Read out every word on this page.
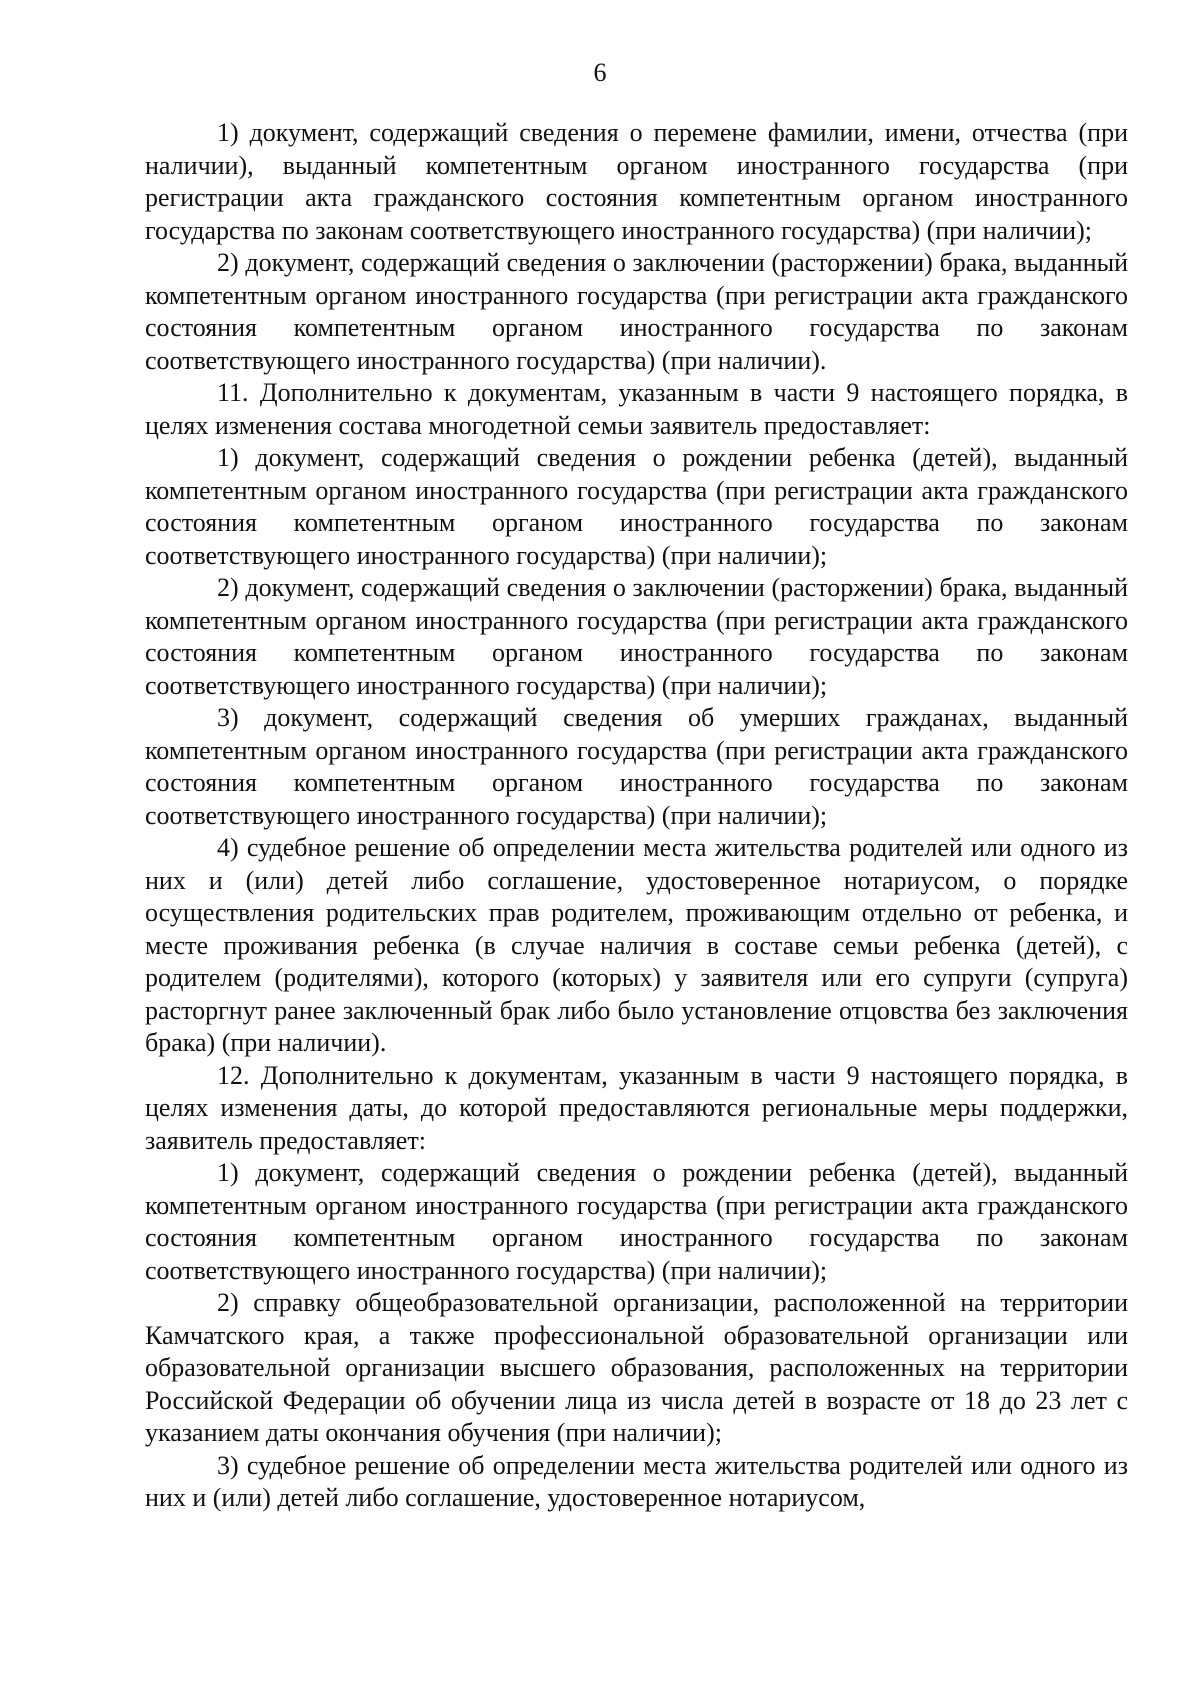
6

1) документ, содержащий сведения о перемене фамилии, имени, отчества (при наличии), выданный компетентным органом иностранного государства (при регистрации акта гражданского состояния компетентным органом иностранного государства по законам соответствующего иностранного государства) (при наличии);

2) документ, содержащий сведения о заключении (расторжении) брака, выданный компетентным органом иностранного государства (при регистрации акта гражданского состояния компетентным органом иностранного государства по законам соответствующего иностранного государства) (при наличии).

11. Дополнительно к документам, указанным в части 9 настоящего порядка, в целях изменения состава многодетной семьи заявитель предоставляет:

1) документ, содержащий сведения о рождении ребенка (детей), выданный компетентным органом иностранного государства (при регистрации акта гражданского состояния компетентным органом иностранного государства по законам соответствующего иностранного государства) (при наличии);

2) документ, содержащий сведения о заключении (расторжении) брака, выданный компетентным органом иностранного государства (при регистрации акта гражданского состояния компетентным органом иностранного государства по законам соответствующего иностранного государства) (при наличии);

3) документ, содержащий сведения об умерших гражданах, выданный компетентным органом иностранного государства (при регистрации акта гражданского состояния компетентным органом иностранного государства по законам соответствующего иностранного государства) (при наличии);

4) судебное решение об определении места жительства родителей или одного из них и (или) детей либо соглашение, удостоверенное нотариусом, о порядке осуществления родительских прав родителем, проживающим отдельно от ребенка, и месте проживания ребенка (в случае наличия в составе семьи ребенка (детей), с родителем (родителями), которого (которых) у заявителя или его супруги (супруга) расторгнут ранее заключенный брак либо было установление отцовства без заключения брака) (при наличии).

12. Дополнительно к документам, указанным в части 9 настоящего порядка, в целях изменения даты, до которой предоставляются региональные меры поддержки, заявитель предоставляет:

1) документ, содержащий сведения о рождении ребенка (детей), выданный компетентным органом иностранного государства (при регистрации акта гражданского состояния компетентным органом иностранного государства по законам соответствующего иностранного государства) (при наличии);

2) справку общеобразовательной организации, расположенной на территории Камчатского края, а также профессиональной образовательной организации или образовательной организации высшего образования, расположенных на территории Российской Федерации об обучении лица из числа детей в возрасте от 18 до 23 лет с указанием даты окончания обучения (при наличии);

3) судебное решение об определении места жительства родителей или одного из них и (или) детей либо соглашение, удостоверенное нотариусом,
